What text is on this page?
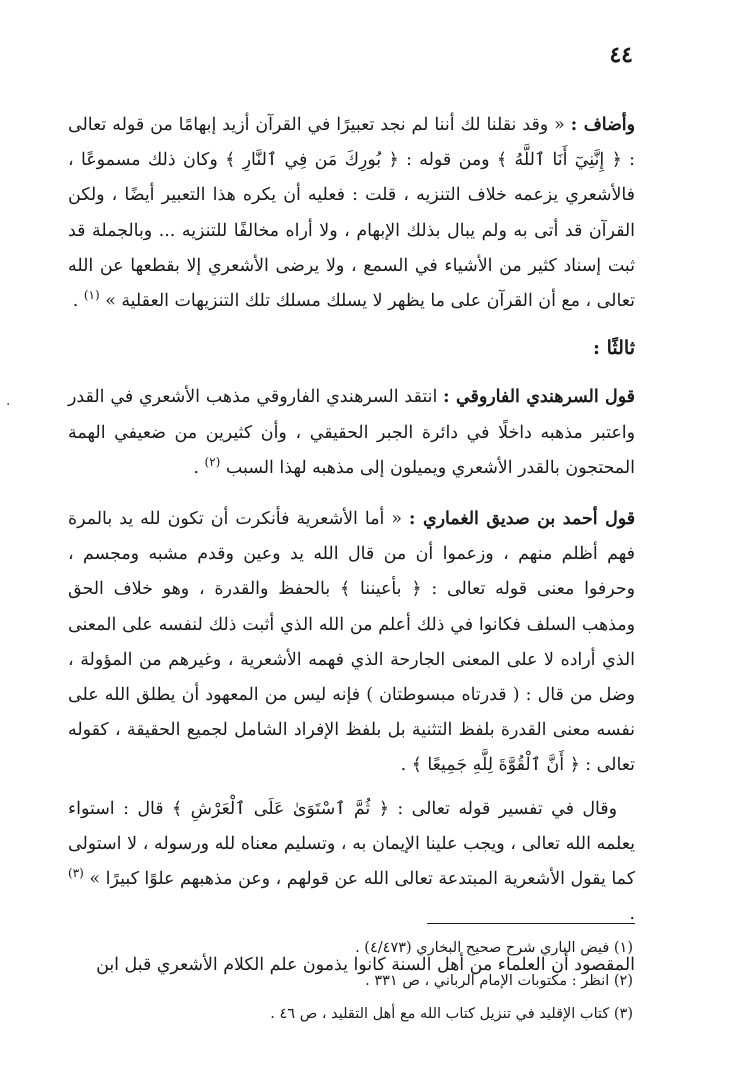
٤٤
.

وأضاف : « وقد نقلنا لك أننا لم نجد تعبيرًا في القرآن أزيد إبهامًا من قوله تعالى : ﴿ إِنَّنِيٓ أَنَا ٱللَّهُ ﴾ ومن قوله : ﴿ بُورِكَ مَن فِي ٱلنَّارِ ﴾ وكان ذلك مسموعًا ، فالأشعري يزعمه خلاف التنزيه ، قلت : فعليه أن يكره هذا التعبير أيضًا ، ولكن القرآن قد أتى به ولم يبال بذلك الإبهام ، ولا أراه مخالفًا للتنزيه ... وبالجملة قد ثبت إسناد كثير من الأشياء في السمع ، ولا يرضى الأشعري إلا بقطعها عن الله تعالى ، مع أن القرآن على ما يظهر لا يسلك مسلك تلك التنزيهات العقلية » $^{(١)}$ .

ثالثًا :

قول السرهندي الفاروقي : انتقد السرهندي الفاروقي مذهب الأشعري في القدر واعتبر مذهبه داخلًا في دائرة الجبر الحقيقي ، وأن كثيرين من ضعيفي الهمة المحتجون بالقدر الأشعري ويميلون إلى مذهبه لهذا السبب $^{(٢)}$ .

قول أحمد بن صديق الغماري : « أما الأشعرية فأنكرت أن تكون لله يد بالمرة فهم أظلم منهم ، وزعموا أن من قال الله يد وعين وقدم مشبه ومجسم ، وحرفوا معنى قوله تعالى : ﴿ بأعيننا ﴾ بالحفظ والقدرة ، وهو خلاف الحق ومذهب السلف فكانوا في ذلك أعلم من الله الذي أثبت ذلك لنفسه على المعنى الذي أراده لا على المعنى الجارحة الذي فهمه الأشعرية ، وغيرهم من المؤولة ، وضل من قال : ( قدرتاه مبسوطتان ) فإنه ليس من المعهود أن يطلق الله على نفسه معنى القدرة بلفظ التثنية بل بلفظ الإفراد الشامل لجميع الحقيقة ، كقوله تعالى : ﴿ أَنَّ ٱلْقُوَّةَ لِلَّهِ جَمِيعًا ﴾ .

وقال في تفسير قوله تعالى : ﴿ ثُمَّ ٱسْتَوَىٰ عَلَى ٱلْعَرْشِ ﴾ قال : استواء يعلمه الله تعالى ، ويجب علينا الإيمان به ، وتسليم معناه لله ورسوله ، لا استولى كما يقول الأشعرية المبتدعة تعالى الله عن قولهم ، وعن مذهبهم علوًا كبيرًا » $^{(٣)}$ .

المقصود أن العلماء من أهل السنة كانوا يذمون علم الكلام الأشعري قبل ابن

(١) فيض الباري شرح صحيح البخاري (٤/٤٧٣) .

(٢) انظر : مكتوبات الإمام الرباني ، ص ٣٣١ .

(٣) كتاب الإقليد في تنزيل كتاب الله مع أهل التقليد ، ص ٤٦ .
